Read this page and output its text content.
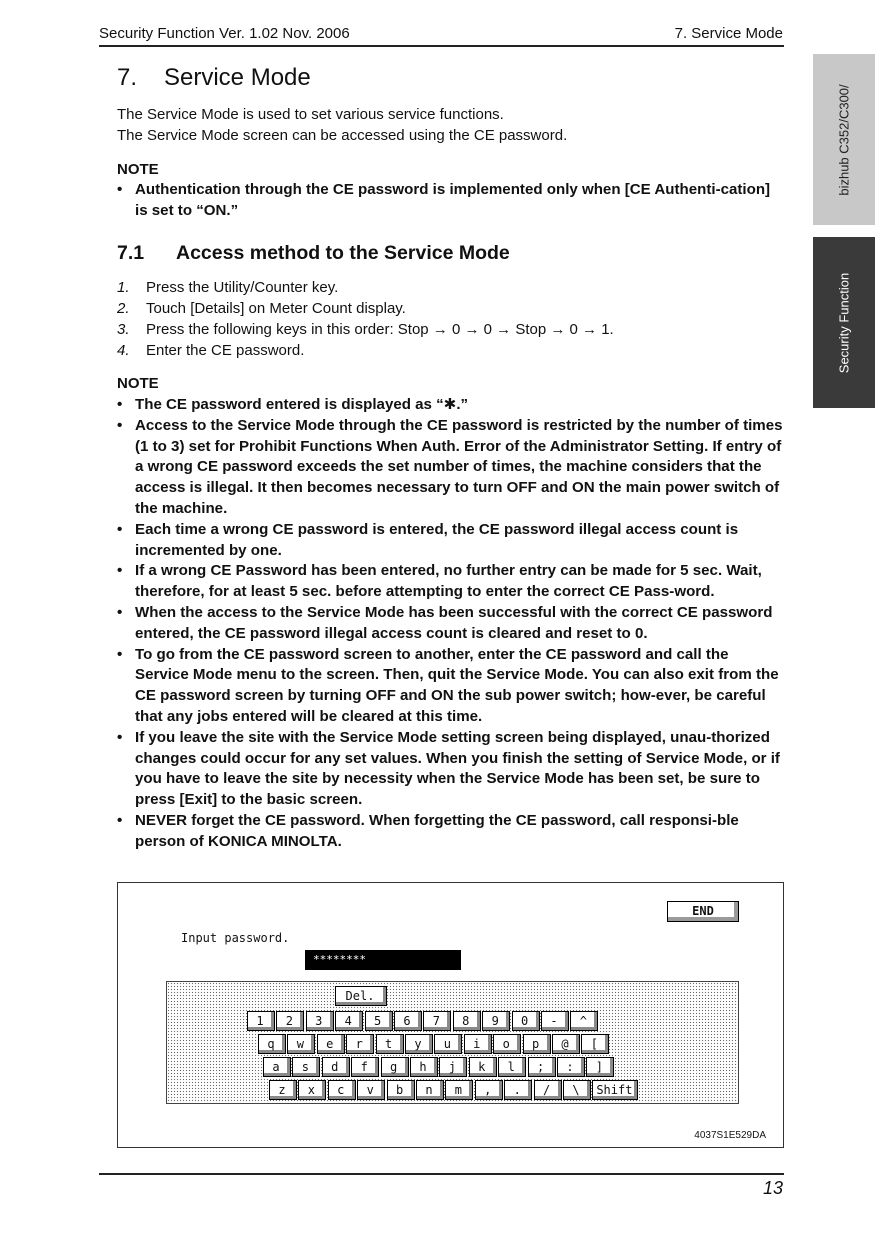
Security Function Ver. 1.02 Nov. 2006	7. Service Mode
bizhub C352/C300/
Security Function
7. Service Mode

The Service Mode is used to set various service functions.

The Service Mode screen can be accessed using the CE password.

NOTE
• Authentication through the CE password is implemented only when [CE Authenti-cation] is set to “ON.”
7.1 Access method to the Service Mode
1. Press the Utility/Counter key.
2. Touch [Details] on Meter Count display.
3. Press the following keys in this order: Stop → 0 → 0 → Stop → 0 → 1.
4. Enter the CE password.
NOTE
• The CE password entered is displayed as “✱.”
• Access to the Service Mode through the CE password is restricted by the number of times (1 to 3) set for Prohibit Functions When Auth. Error of the Administrator Setting. If entry of a wrong CE password exceeds the set number of times, the machine considers that the access is illegal. It then becomes necessary to turn OFF and ON the main power switch of the machine.
• Each time a wrong CE password is entered, the CE password illegal access count is incremented by one.
• If a wrong CE Password has been entered, no further entry can be made for 5 sec. Wait, therefore, for at least 5 sec. before attempting to enter the correct CE Pass-word.
• When the access to the Service Mode has been successful with the correct CE password entered, the CE password illegal access count is cleared and reset to 0.
• To go from the CE password screen to another, enter the CE password and call the Service Mode menu to the screen. Then, quit the Service Mode. You can also exit from the CE password screen by turning OFF and ON the sub power switch; how-ever, be careful that any jobs entered will be cleared at this time.
• If you leave the site with the Service Mode setting screen being displayed, unau-thorized changes could occur for any set values. When you finish the setting of Service Mode, or if you have to leave the site by necessity when the Service Mode has been set, be sure to press [Exit] to the basic screen.
• NEVER forget the CE password. When forgetting the CE password, call responsi-ble person of KONICA MINOLTA.
END
Input password.
********
Del.
1	2	3	4	5	6	7	8	9	0	-	^
q	w	e	r	t	y	u	i	o	p	@	[
a	s	d	f	g	h	j	k	l	;	:	]
z	x	c	v	b	n	m	,	.	/	\	Shift
4037S1E529DA
13
